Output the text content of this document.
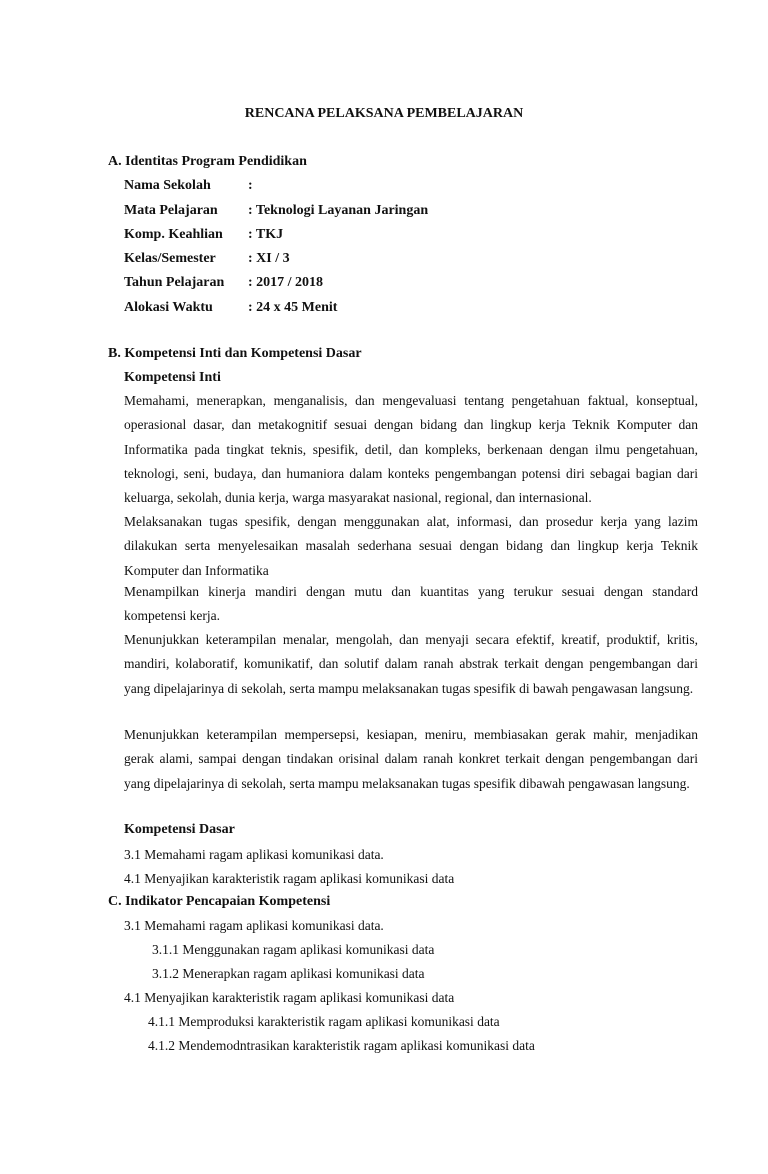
RENCANA PELAKSANA PEMBELAJARAN
A. Identitas Program Pendidikan
Nama Sekolah	:
Mata Pelajaran : Teknologi Layanan Jaringan
Komp. Keahlian : TKJ
Kelas/Semester : XI / 3
Tahun Pelajaran : 2017 / 2018
Alokasi Waktu	: 24 x 45 Menit
B. Kompetensi Inti dan Kompetensi Dasar
Kompetensi Inti

Memahami, menerapkan, menganalisis, dan mengevaluasi tentang pengetahuan faktual, konseptual, operasional dasar, dan metakognitif sesuai dengan bidang dan lingkup kerja Teknik Komputer dan Informatika pada tingkat teknis, spesifik, detil, dan kompleks, berkenaan dengan ilmu pengetahuan, teknologi, seni, budaya, dan humaniora dalam konteks pengembangan potensi diri sebagai bagian dari keluarga, sekolah, dunia kerja, warga masyarakat nasional, regional, dan internasional.

Melaksanakan tugas spesifik, dengan menggunakan alat, informasi, dan prosedur kerja yang lazim dilakukan serta menyelesaikan masalah sederhana sesuai dengan bidang dan lingkup kerja Teknik Komputer dan Informatika

Menampilkan kinerja mandiri dengan mutu dan kuantitas yang terukur sesuai dengan standard kompetensi kerja.

Menunjukkan keterampilan menalar, mengolah, dan menyaji secara efektif, kreatif, produktif, kritis, mandiri, kolaboratif, komunikatif, dan solutif dalam ranah abstrak terkait dengan pengembangan dari yang dipelajarinya di sekolah, serta mampu melaksanakan tugas spesifik di bawah pengawasan langsung.

Menunjukkan keterampilan mempersepsi, kesiapan, meniru, membiasakan gerak mahir, menjadikan gerak alami, sampai dengan tindakan orisinal dalam ranah konkret terkait dengan pengembangan dari yang dipelajarinya di sekolah, serta mampu melaksanakan tugas spesifik dibawah pengawasan langsung.

Kompetensi Dasar
3.1 Memahami ragam aplikasi komunikasi data.
4.1 Menyajikan karakteristik ragam aplikasi komunikasi data
C. Indikator Pencapaian Kompetensi
3.1 Memahami ragam aplikasi komunikasi data.
3.1.1 Menggunakan ragam aplikasi komunikasi data
3.1.2 Menerapkan ragam aplikasi komunikasi data
4.1 Menyajikan karakteristik ragam aplikasi komunikasi data
4.1.1 Memproduksi karakteristik ragam aplikasi komunikasi data
4.1.2 Mendemodntrasikan karakteristik ragam aplikasi komunikasi data
